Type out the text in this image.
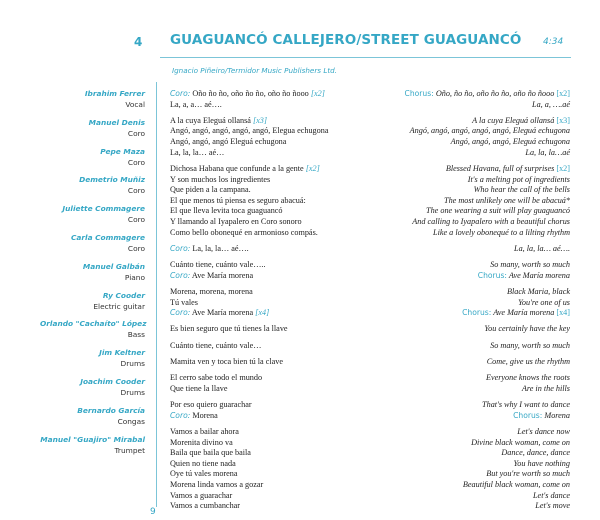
4 GUAGUANCÓ CALLEJERO/STREET GUAGUANCÓ 4:34
Ignacio Piñeiro/Termidor Music Publishers Ltd.
Ibrahim Ferrer
Vocal
Manuel Denis
Coro
Pepe Maza
Coro
Demetrio Muñiz
Coro
Juliette Commagere
Coro
Carla Commagere
Coro
Manuel Galbán
Piano
Ry Cooder
Electric guitar
Orlando "Cachaíto" López
Bass
Jim Keltner
Drums
Joachim Cooder
Drums
Bernardo García
Congas
Manuel "Guajiro" Mirabal
Trumpet
Coro: Oño ño ño, oño ño ño, oño ño ñooo [x2]
La, a, a… aé….
A la cuya Eleguá ollansá [x3]
Angó, angó, angó, angó, angó, Elegua echugona
Angó, angó, angó Eleguá echugona
La, la, la… aé…
Dichosa Habana que confunde a la gente [x2]
Y son muchos los ingredientes
Que piden a la campana.
El que menos tú piensa es seguro abacuá:
El que lleva levita toca guaguancó
Y llamando al Iyapalero en Coro sonoro
Como bello obonequé en armonioso compás.
Coro: La, la, la… aé….
Cuánto tiene, cuánto vale…..
Coro: Ave María morena
Morena, morena, morena
Tú vales
Coro: Ave María morena [x4]
Es bien seguro que tú tienes la llave
Cuánto tiene, cuánto vale…
Mamita ven y toca bien tú la clave
El cerro sabe todo el mundo
Que tiene la llave
Por eso quiero guarachar
Coro: Morena
Vamos a bailar ahora
Morenita divino va
Baila que baila que baila
Quien no tiene nada
Oye tú vales morena
Morena linda vamos a gozar
Vamos a guarachar
Vamos a cumbanchar
Chorus: Oño, ño ño, oño ño ño, oño ño ñooo [x2]
La, a, ….aé
A la cuya Eleguá ollansá [x3]
Angó, angó, angó, angó, angó, Eleguá echugona
Angó, angó, angó, Eleguá echugona
La, la, la…aé
Blessed Havana, full of surprises [x2]
It's a melting pot of ingredients
Who hear the call of the bells
The most unlikely one will be abacuá*
The one wearing a suit will play guaguancó
And calling to Iyapalero with a beautiful chorus
Like a lovely obonequé to a lilting rhythm
La, la, la… aé….
So many, worth so much
Chorus: Ave María morena
Black Maria, black
You're one of us
Chorus: Ave María morena [x4]
You certainly have the key
So many, worth so much
Come, give us the rhythm
Everyone knows the roots
Are in the hills
That's why I want to dance
Chorus: Morena
Let's dance now
Divine black woman, come on
Dance, dance, dance
You have nothing
But you're worth so much
Beautiful black woman, come on
Let's dance
Let's move
9
